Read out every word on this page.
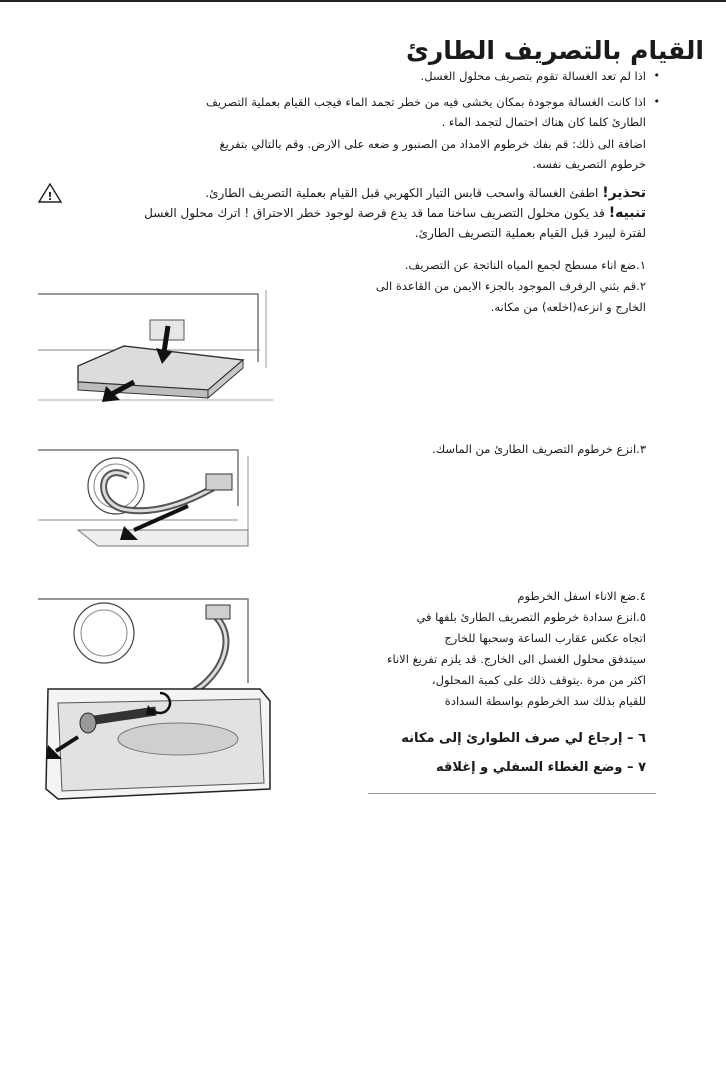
القيام بالتصريف الطارئ
•
اذا لم تعد الغسالة تقوم بتصريف محلول الغسل.
•
اذا كانت الغسالة موجودة بمكان يخشى فيه من خطر تجمد الماء فيجب القيام بعملية التصريف
الطارئ كلما كان هناك احتمال لتجمد الماء .
اضافة الى ذلك: قم بفك خرطوم الامداد من الصنبور و ضعه على الارض. وقم بالتالي بتفريغ
خرطوم التصريف نفسه.
!	تحذير! اطفئ الغسالة واسحب قابس التيار الكهربي قبل القيام بعملية التصريف الطارئ.
تنبيه! قد يكون محلول التصريف ساخنا مما قد يدع فرصة لوجود خطر الاحتراق ! اترك محلول الغسل
لفترة ليبرد قبل القيام بعملية التصريف الطارئ.
١.ضع اناء مسطح لجمع المياه الناتجة عن التصريف.
٢.قم بثني الرفرف الموجود بالجزء الايمن من القاعدة الى
الخارج و انزعه(اخلعه) من مكانه.
٣.انزع خرطوم التصريف الطارئ من الماسك.
٤.ضع الاناء اسفل الخرطوم
٥.انزع سدادة خرطوم التصريف الطارئ بلفها في
اتجاه عكس عقارب الساعة وسحبها للخارج
سيتدفق محلول الغسل الى الخارج. قد يلزم تفريغ الاناء
اكثر من مرة .يتوقف ذلك على كمية المحلول،
للقيام بذلك سد الخرطوم بواسطة السدادة
٦ – إرجاع لي صرف الطوارئ إلى مكانه
٧ – وضع الغطاء السفلي و إغلاقه
